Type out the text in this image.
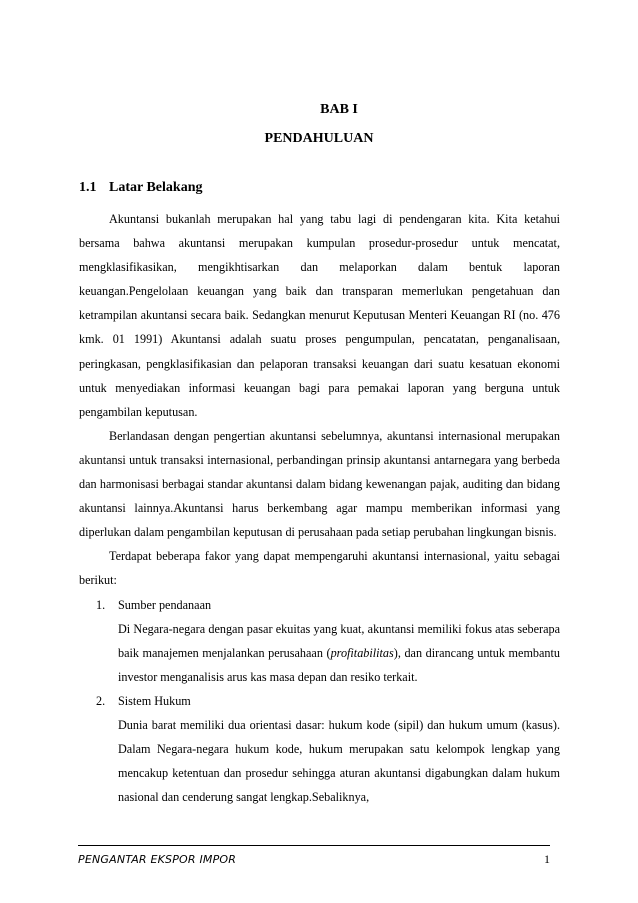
BAB I
PENDAHULUAN
1.1 Latar Belakang

Akuntansi bukanlah merupakan hal yang tabu lagi di pendengaran kita. Kita ketahui bersama bahwa akuntansi merupakan kumpulan prosedur-prosedur untuk mencatat, mengklasifikasikan, mengikhtisarkan dan melaporkan dalam bentuk laporan keuangan.Pengelolaan keuangan yang baik dan transparan memerlukan pengetahuan dan ketrampilan akuntansi secara baik. Sedangkan menurut Keputusan Menteri Keuangan RI (no. 476 kmk. 01 1991) Akuntansi adalah suatu proses pengumpulan, pencatatan, penganalisaan, peringkasan, pengklasifikasian dan pelaporan transaksi keuangan dari suatu kesatuan ekonomi untuk menyediakan informasi keuangan bagi para pemakai laporan yang berguna untuk pengambilan keputusan.

Berlandasan dengan pengertian akuntansi sebelumnya, akuntansi internasional merupakan akuntansi untuk transaksi internasional, perbandingan prinsip akuntansi antarnegara yang berbeda dan harmonisasi berbagai standar akuntansi dalam bidang kewenangan pajak, auditing dan bidang akuntansi lainnya.Akuntansi harus berkembang agar mampu memberikan informasi yang diperlukan dalam pengambilan keputusan di perusahaan pada setiap perubahan lingkungan bisnis.

Terdapat beberapa fakor yang dapat mempengaruhi akuntansi internasional, yaitu sebagai berikut:

1. Sumber pendanaan

Di Negara-negara dengan pasar ekuitas yang kuat, akuntansi memiliki fokus atas seberapa baik manajemen menjalankan perusahaan (profitabilitas), dan dirancang untuk membantu investor menganalisis arus kas masa depan dan resiko terkait.

2. Sistem Hukum

Dunia barat memiliki dua orientasi dasar: hukum kode (sipil) dan hukum umum (kasus). Dalam Negara-negara hukum kode, hukum merupakan satu kelompok lengkap yang mencakup ketentuan dan prosedur sehingga aturan akuntansi digabungkan dalam hukum nasional dan cenderung sangat lengkap.Sebaliknya,

PENGANTAR EKSPOR IMPOR	1
